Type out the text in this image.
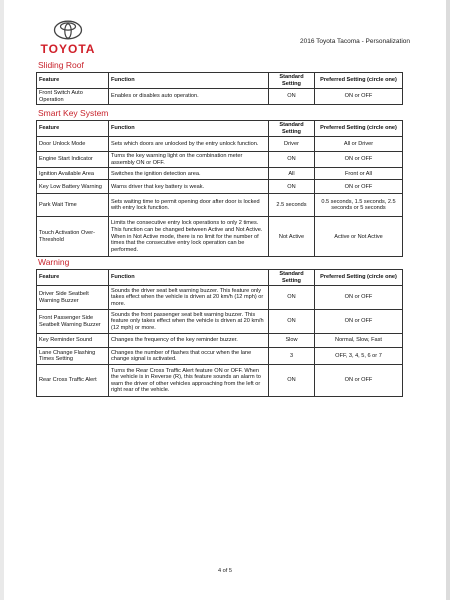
TOYOTA
2016 Toyota Tacoma - Personalization
Sliding Roof
Feature	Function	Standard Setting	Preferred Setting (circle one)
Front Switch Auto Operation	Enables or disables auto operation.	ON	ON or OFF
Smart Key System
Feature	Function	Standard Setting	Preferred Setting (circle one)
Door Unlock Mode	Sets which doors are unlocked by the entry unlock function.	Driver	All or Driver
Engine Start Indicator	Turns the key warning light on the combination meter assembly ON or OFF.	ON	ON or OFF
Ignition Available Area	Switches the ignition detection area.	All	Front or All
Key Low Battery Warning	Warns driver that key battery is weak.	ON	ON or OFF
Park Wait Time	Sets waiting time to permit opening door after door is locked with entry lock function.	2.5 seconds	0.5 seconds, 1.5 seconds, 2.5 seconds or 5 seconds
Touch Activation Over-Threshold	Limits the consecutive entry lock operations to only 2 times. This function can be changed between Active and Not Active. When in Not Active mode, there is no limit for the number of times that the consecutive entry lock operation can be performed.	Not Active	Active or Not Active
Warning
Feature	Function	Standard Setting	Preferred Setting (circle one)
Driver Side Seatbelt Warning Buzzer	Sounds the driver seat belt warning buzzer. This feature only takes effect when the vehicle is driven at 20 km/h (12 mph) or more.	ON	ON or OFF
Front Passenger Side Seatbelt Warning Buzzer	Sounds the front passenger seat belt warning buzzer. This feature only takes effect when the vehicle is driven at 20 km/h (12 mph) or more.	ON	ON or OFF
Key Reminder Sound	Changes the frequency of the key reminder buzzer.	Slow	Normal, Slow, Fast
Lane Change Flashing Times Setting	Changes the number of flashes that occur when the lane change signal is activated.	3	OFF, 3, 4, 5, 6 or 7
Rear Cross Traffic Alert	Turns the Rear Cross Traffic Alert feature ON or OFF. When the vehicle is in Reverse (R), this feature sounds an alarm to warn the driver of other vehicles approaching from the left or right rear of the vehicle.	ON	ON or OFF
4 of 5
